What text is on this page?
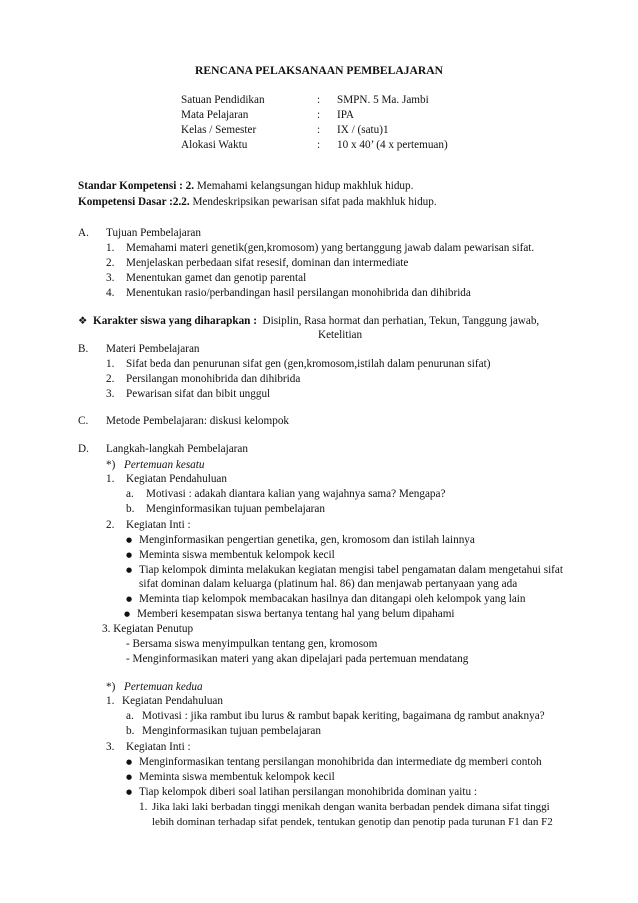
RENCANA PELAKSANAAN PEMBELAJARAN
Satuan Pendidikan	: SMPN. 5 Ma. Jambi
Mata Pelajaran	: IPA
Kelas / Semester	: IX / (satu)1
Alokasi Waktu	: 10 x 40’ (4 x pertemuan)
Standar Kompetensi : 2. Memahami kelangsungan hidup makhluk hidup.
Kompetensi Dasar :2.2. Mendeskripsikan pewarisan sifat pada makhluk hidup.
A. Tujuan Pembelajaran
1. Memahami materi genetik(gen,kromosom) yang bertanggung jawab dalam pewarisan sifat.
2. Menjelaskan perbedaan sifat resesif, dominan dan intermediate
3. Menentukan gamet dan genotip parental
4. Menentukan rasio/perbandingan hasil persilangan monohibrida dan dihibrida
❖ Karakter siswa yang diharapkan : Disiplin, Rasa hormat dan perhatian, Tekun, Tanggung jawab,
Ketelitian
B. Materi Pembelajaran
1. Sifat beda dan penurunan sifat gen (gen,kromosom,istilah dalam penurunan sifat)
2. Persilangan monohibrida dan dihibrida
3. Pewarisan sifat dan bibit unggul
C. Metode Pembelajaran: diskusi kelompok
D. Langkah-langkah Pembelajaran
*) Pertemuan kesatu
1. Kegiatan Pendahuluan
a. Motivasi : adakah diantara kalian yang wajahnya sama? Mengapa?
b. Menginformasikan tujuan pembelajaran
2. Kegiatan Inti :
● Menginformasikan pengertian genetika, gen, kromosom dan istilah lainnya
● Meminta siswa membentuk kelompok kecil
● Tiap kelompok diminta melakukan kegiatan mengisi tabel pengamatan dalam mengetahui sifat
sifat dominan dalam keluarga (platinum hal. 86) dan menjawab pertanyaan yang ada
● Meminta tiap kelompok membacakan hasilnya dan ditangapi oleh kelompok yang lain
● Memberi kesempatan siswa bertanya tentang hal yang belum dipahami
3. Kegiatan Penutup
- Bersama siswa menyimpulkan tentang gen, kromosom
- Menginformasikan materi yang akan dipelajari pada pertemuan mendatang
*) Pertemuan kedua
1. Kegiatan Pendahuluan
a. Motivasi : jika rambut ibu lurus & rambut bapak keriting, bagaimana dg rambut anaknya?
b. Menginformasikan tujuan pembelajaran
3. Kegiatan Inti :
● Menginformasikan tentang persilangan monohibrida dan intermediate dg memberi contoh
● Meminta siswa membentuk kelompok kecil
● Tiap kelompok diberi soal latihan persilangan monohibrida dominan yaitu :
1. Jika laki laki berbadan tinggi menikah dengan wanita berbadan pendek dimana sifat tinggi
lebih dominan terhadap sifat pendek, tentukan genotip dan penotip pada turunan F1 dan F2
